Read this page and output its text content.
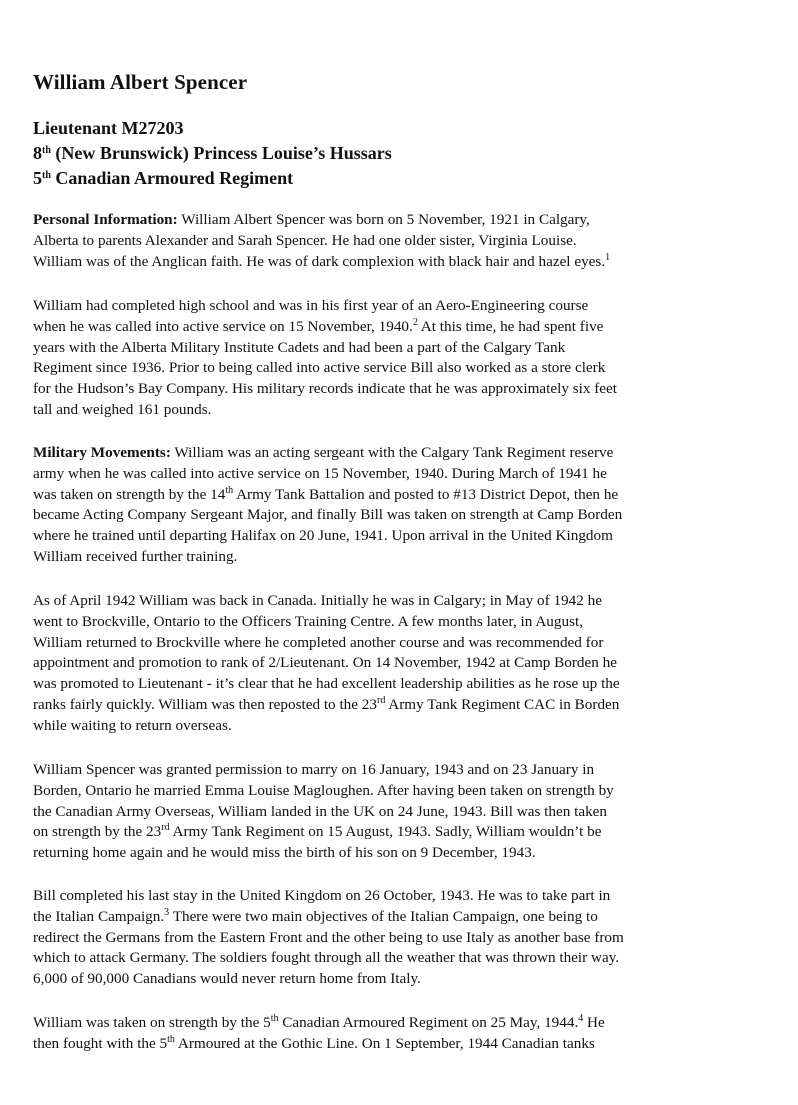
William Albert Spencer
Lieutenant M27203
8th (New Brunswick) Princess Louise’s Hussars
5th Canadian Armoured Regiment
Personal Information: William Albert Spencer was born on 5 November, 1921 in Calgary,
Alberta to parents Alexander and Sarah Spencer. He had one older sister, Virginia Louise.
William was of the Anglican faith. He was of dark complexion with black hair and hazel eyes.$^1$
William had completed high school and was in his first year of an Aero-Engineering course
when he was called into active service on 15 November, 1940.$^2$ At this time, he had spent five
years with the Alberta Military Institute Cadets and had been a part of the Calgary Tank
Regiment since 1936. Prior to being called into active service Bill also worked as a store clerk
for the Hudson’s Bay Company. His military records indicate that he was approximately six feet
tall and weighed 161 pounds.
Military Movements: William was an acting sergeant with the Calgary Tank Regiment reserve
army when he was called into active service on 15 November, 1940. During March of 1941 he
was taken on strength by the 14th Army Tank Battalion and posted to #13 District Depot, then he
became Acting Company Sergeant Major, and finally Bill was taken on strength at Camp Borden
where he trained until departing Halifax on 20 June, 1941. Upon arrival in the United Kingdom
William received further training.
As of April 1942 William was back in Canada. Initially he was in Calgary; in May of 1942 he
went to Brockville, Ontario to the Officers Training Centre. A few months later, in August,
William returned to Brockville where he completed another course and was recommended for
appointment and promotion to rank of 2/Lieutenant. On 14 November, 1942 at Camp Borden he
was promoted to Lieutenant - it’s clear that he had excellent leadership abilities as he rose up the
ranks fairly quickly. William was then reposted to the 23rd Army Tank Regiment CAC in Borden
while waiting to return overseas.
William Spencer was granted permission to marry on 16 January, 1943 and on 23 January in
Borden, Ontario he married Emma Louise Magloughen. After having been taken on strength by
the Canadian Army Overseas, William landed in the UK on 24 June, 1943. Bill was then taken
on strength by the 23rd Army Tank Regiment on 15 August, 1943. Sadly, William wouldn’t be
returning home again and he would miss the birth of his son on 9 December, 1943.
Bill completed his last stay in the United Kingdom on 26 October, 1943. He was to take part in
the Italian Campaign.$^3$ There were two main objectives of the Italian Campaign, one being to
redirect the Germans from the Eastern Front and the other being to use Italy as another base from
which to attack Germany. The soldiers fought through all the weather that was thrown their way.
6,000 of 90,000 Canadians would never return home from Italy.
William was taken on strength by the 5th Canadian Armoured Regiment on 25 May, 1944.$^4$ He
then fought with the 5th Armoured at the Gothic Line. On 1 September, 1944 Canadian tanks
